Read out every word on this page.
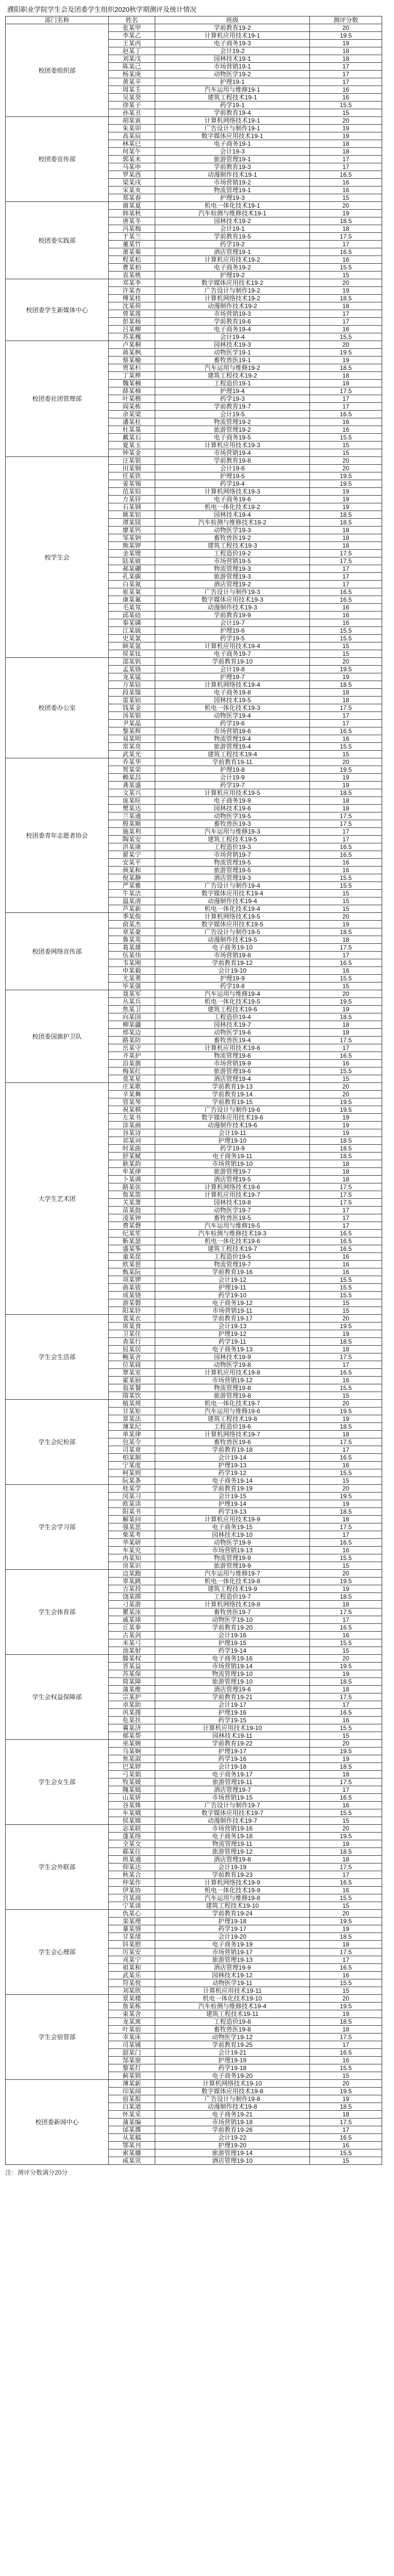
濮阳职业学院学生会及团委学生组织2020秋学期测评及统计情况
部门名称	姓名	班级	测评分数
校团委组织部	张某甲	学前教育19-2	20
	李某乙	计算机应用技术19-1	19.5
	王某丙	电子商务19-3	19
	赵某丁	会计19-2	18
	刘某戊	园林技术19-1	18
	陈某己	市场营销19-1	17
	杨某庚	动物医学19-2	17
	黄某辛	护理19-1	17
	周某壬	汽车运用与维修19-1	16
	吴某癸	建筑工程技术19-1	16
	徐某子	药学19-1	15.5
	孙某丑	学前教育19-4	15
校团委宣传部	胡某寅	计算机网络技术19-1	20
	朱某卯	广告设计与制作19-1	19
	高某辰	数字媒体应用技术19-1	19
	林某巳	电子商务19-1	18
	何某午	会计19-3	18
	郭某未	旅游管理19-1	17
	马某申	学前教育19-3	17
	罗某酉	动漫制作技术19-1	16.5
	梁某戌	市场营销19-2	16
	宋某亥	物流管理19-1	16
	郑某春	护理19-3	15
校团委实践部	谢某夏	机电一体化技术19-1	20
	韩某秋	汽车检测与维修技术19-1	19
	唐某冬	园林技术19-2	18.5
	冯某梅	会计19-1	18
	于某兰	学前教育19-5	17.5
	董某竹	药学19-2	17
	萧某菊	酒店管理19-1	16.5
	程某松	计算机应用技术19-2	16
	曹某柏	电子商务19-2	15.5
	袁某桃	护理19-2	15
校团委学生新媒体中心	邓某李	数字媒体应用技术19-2	20
	许某杏	广告设计与制作19-2	19
	傅某桂	计算机网络技术19-2	18.5
	沈某荷	动漫制作技术19-2	18
	曾某莲	市场营销19-3	17
	彭某杨	学前教育19-6	17
	吕某柳	电子商务19-4	16
	苏某槐	会计19-4	15.5
校团委社团管理部	卢某桐	园林技术19-3	20
	蒋某枫	动物医学19-1	19.5
	蔡某榆	畜牧兽医19-1	19
	贾某杉	汽车运用与维修19-2	18.5
	丁某桦	建筑工程技术19-2	18
	魏某楠	工程造价19-1	18
	薛某樟	护理19-4	17.5
	叶某楷	药学19-3	17
	阎某栋	学前教育19-7	17
	余某梁	会计19-5	16.5
	潘某柱	物流管理19-2	16
	杜某基	旅游管理19-2	16
	戴某石	电子商务19-5	15.5
	夏某玉	计算机应用技术19-3	15
	钟某金	市场营销19-4	15
校学生会	汪某银	学前教育19-8	20
	田某铜	会计19-6	20
	任某铁	护理19-5	19.5
	姜某锡	药学19-4	19.5
	范某铅	计算机网络技术19-3	19
	方某锌	电子商务19-6	19
	石某钢	机电一体化技术19-2	19
	姚某铝	园林技术19-4	18.5
	谭某镁	汽车检测与维修技术19-2	18.5
	廖某钙	动物医学19-3	18
	邹某钠	畜牧兽医19-2	18
	熊某钾	建筑工程技术19-3	18
	金某锂	工程造价19-2	17.5
	陆某铍	市场营销19-5	17.5
	郝某硼	物流管理19-3	17
	孔某碳	旅游管理19-3	17
	白某氮	酒店管理19-2	17
	崔某氧	广告设计与制作19-3	16.5
	康某氟	数字媒体应用技术19-3	16.5
	毛某氖	动漫制作技术19-3	16
	邱某硅	学前教育19-9	16
	秦某磷	会计19-7	16
	江某硫	护理19-6	15.5
	史某氯	药学19-5	15.5
	顾某氩	计算机应用技术19-4	15
	侯某钛	电子商务19-7	15
校团委办公室	邵某钒	学前教育19-10	20
	孟某铬	会计19-8	19.5
	龙某锰	护理19-7	19
	万某钴	计算机网络技术19-4	18.5
	段某镍	电子商务19-8	18
	雷某铂	园林技术19-5	18
	钱某金	机电一体化技术19-3	17.5
	汤某银	动物医学19-4	17
	尹某晶	药学19-6	17
	黎某辉	市场营销19-6	16.5
	易某明	物流管理19-4	16
	常某亮	旅游管理19-4	15.5
	武某光	建筑工程技术19-4	15
校团委青年志愿者协会	乔某华	学前教育19-11	20
	贺某荣	护理19-8	19.5
	赖某昌	会计19-9	19
	龚某盛	药学19-7	19
	文某兴	计算机应用技术19-5	18.5
	庞某旺	电子商务19-9	18
	樊某达	园林技术19-6	18
	兰某通	动物医学19-5	17.5
	殷某顺	畜牧兽医19-3	17.5
	施某利	汽车运用与维修19-3	17
	陶某安	建筑工程技术19-5	17
	洪某康	工程造价19-3	16.5
	翟某宁	市场营销19-7	16.5
	安某平	物流管理19-5	16
	颜某和	旅游管理19-5	16
	倪某静	酒店管理19-3	15.5
	严某雅	广告设计与制作19-4	15.5
	牛某洁	数字媒体应用技术19-4	15
	温某清	动漫制作技术19-4	15
	芦某新	机电一体化技术19-4	15
校团委网络宣传部	季某俊	计算机网络技术19-5	20
	俞某杰	数字媒体应用技术19-5	19
	章某豪	广告设计与制作19-5	18.5
	鲁某英	动漫制作技术19-5	18
	葛某雄	电子商务19-10	17.5
	伍某伟	市场营销19-8	17
	韦某刚	学前教育19-12	16.5
	申某毅	会计19-10	16
	尤某勇	护理19-9	15.5
	毕某强	药学19-8	15
校团委国旗护卫队	聂某军	汽车运用与维修19-4	20
	丛某兵	机电一体化技术19-5	19.5
	焦某卫	建筑工程技术19-6	19
	向某国	工程造价19-4	18.5
	柳某疆	园林技术19-7	18
	邢某边	动物医学19-6	18
	路某防	畜牧兽医19-4	17.5
	岳某守	计算机应用技术19-6	17
	齐某护	物流管理19-6	16.5
	沿某旗	市场营销19-9	16
	梅某红	旅游管理19-6	15.5
	莫某星	酒店管理19-4	15
大学生艺术团	庄某歌	学前教育19-13	20
	辛某舞	学前教育19-14	20
	管某琴	学前教育19-15	19.5
	祝某棋	广告设计与制作19-6	19.5
	左某书	数字媒体应用技术19-6	19
	涂某画	动漫制作技术19-6	19
	谷某诗	会计19-11	19
	祁某词	护理19-10	18.5
	时某曲	药学19-9	18.5
	舒某赋	电子商务19-11	18.5
	耿某韵	市场营销19-10	18
	牟某律	旅游管理19-7	18
	卜某调	酒店管理19-5	18
	路某弦	计算机网络技术19-6	17.5
	詹某笛	计算机应用技术19-7	17.5
	关某箫	园林技术19-8	17.5
	苗某鼓	动物医学19-7	17
	凌某钟	畜牧兽医19-5	17
	费某磬	汽车运用与维修19-5	17
	纪某笙	汽车检测与维修技术19-3	16.5
	靳某瑟	机电一体化技术19-6	16.5
	盛某筝	建筑工程技术19-7	16.5
	童某琵	工程造价19-5	16
	欧某琶	物流管理19-7	16
	甄某阮	学前教育19-16	16
	项某锣	会计19-12	15.5
	曲某钹	护理19-11	15.5
	成某铙	药学19-10	15.5
	游某磐	电子商务19-12	15
	阳某铃	市场营销19-11	15
学生会生活部	裴某衣	学前教育19-17	20
	席某食	会计19-13	19.5
	卫某住	护理19-12	19
	查某行	药学19-11	18.5
	屈某居	电子商务19-13	18
	鲍某舍	园林技术19-9	17.5
	位某寝	动物医学19-8	17
	覃某室	计算机应用技术19-8	16.5
	霍某厨	市场营销19-12	16
	翁某餐	物流管理19-8	15.5
	隋某饮	旅游管理19-8	15
学生会纪检部	植某规	机电一体化技术19-7	20
	甘某矩	汽车运用与维修19-6	19.5
	景某法	建筑工程技术19-8	19
	薄某纪	工程造价19-6	18.5
	单某律	计算机网络技术19-7	18
	包某令	畜牧兽医19-6	17.5
	司某章	学前教育19-18	17
	柏某制	会计19-14	16.5
	宁某度	护理19-13	16
	柯某则	药学19-12	15.5
	阮某条	电子商务19-14	15
学生会学习部	桂某学	学前教育19-19	20
	闵某习	会计19-15	19.5
	欧某读	护理19-14	19
	阳某书	药学19-13	18.5
	解某问	计算机应用技术19-9	18
	强某思	电子商务19-15	17.5
	柴某考	园林技术19-10	17
	华某研	动物医学19-9	16.5
	车某究	市场营销19-13	16
	冉某知	物流管理19-9	15.5
	房某识	旅游管理19-9	15
学生会体育部	边某跑	汽车运用与维修19-7	20
	辜某跳	机电一体化技术19-8	19.5
	吉某投	建筑工程技术19-9	19
	饶某掷	工程造价19-7	18.5
	刁某游	计算机网络技术19-8	18
	瞿某泳	畜牧兽医19-7	17.5
	戚某球	动物医学19-10	17
	丘某拳	学前教育19-20	16.5
	古某剑	会计19-16	16
	米某弓	护理19-15	15.5
	池某射	药学19-14	15
学生会权益保障部	滕某权	电子商务19-16	20
	晋某益	市场营销19-14	19.5
	苏某保	物流管理19-10	19
	简某障	旅游管理19-10	18.5
	蒲某维	酒店管理19-6	18
	宗某护	学前教育19-21	17.5
	卓某助	会计19-17	17
	巩某援	护理19-16	16.5
	危某扶	药学19-15	16
	冀某济	计算机应用技术19-10	15.5
	郁某帮	园林技术19-11	15
学生会女生部	巫某婉	学前教育19-22	20
	乌某娴	护理19-17	19.5
	焦某淑	药学19-16	19
	巴某婷	会计19-18	18.5
	弓某娟	电子商务19-17	18
	牧某媛	旅游管理19-11	17.5
	隗某嫣	酒店管理19-7	17
	山某妍	市场营销19-15	16.5
	谷某姝	广告设计与制作19-7	16
	车某娥	数字媒体应用技术19-7	15.5
	侯某嫦	动漫制作技术19-7	15
学生会外联部	宓某联	市场营销19-16	20
	蓬某络	电子商务19-18	19.5
	全某交	物流管理19-11	19
	郗某往	旅游管理19-12	18.5
	班某通	酒店管理19-8	18
	仰某达	会计19-19	17.5
	秋某合	学前教育19-23	17
	仲某作	计算机网络技术19-9	16.5
	伊某协	机电一体化技术19-9	16
	宫某商	汽车运用与维修19-8	15.5
	宁某谈	建筑工程技术19-10	15
学生会心理部	仇某心	学前教育19-24	20
	栾某理	护理19-18	19.5
	暴某情	药学19-17	19
	甘某绪	会计19-20	18.5
	钭某慰	电子商务19-19	18
	厉某安	市场营销19-17	17.5
	戎某宁	旅游管理19-13	17
	祖某和	酒店管理19-9	16.5
	武某乐	园林技术19-12	16
	符某悦	动物医学19-11	15.5
	刘某欣	计算机应用技术19-11	15
学生会宿管部	景某楼	机电一体化技术19-10	20
	詹某栋	汽车检测与维修技术19-4	19.5
	束某舍	建筑工程技术19-11	19
	龙某寓	工程造价19-8	18.5
	叶某宿	畜牧兽医19-8	18
	幸某床	动物医学19-12	17.5
	司某铺	学前教育19-25	17
	韶某门	会计19-21	16.5
	郜某窗	护理19-19	16
	黎某灯	药学19-18	15.5
	蓟某锁	电子商务19-20	15
校团委新闻中心	薄某新	计算机网络技术19-10	20
	印某闻	数字媒体应用技术19-8	19.5
	宿某报	广告设计与制作19-8	19
	白某道	动漫制作技术19-8	18.5
	怀某采	电子商务19-21	18
	蒲某编	市场营销19-18	17.5
	邰某撰	学前教育19-26	17
	从某稿	会计19-22	16.5
	鄂某刊	护理19-20	16
	索某播	旅游管理19-14	15.5
	咸某讯	酒店管理19-10	15
注：测评分数满分20分
